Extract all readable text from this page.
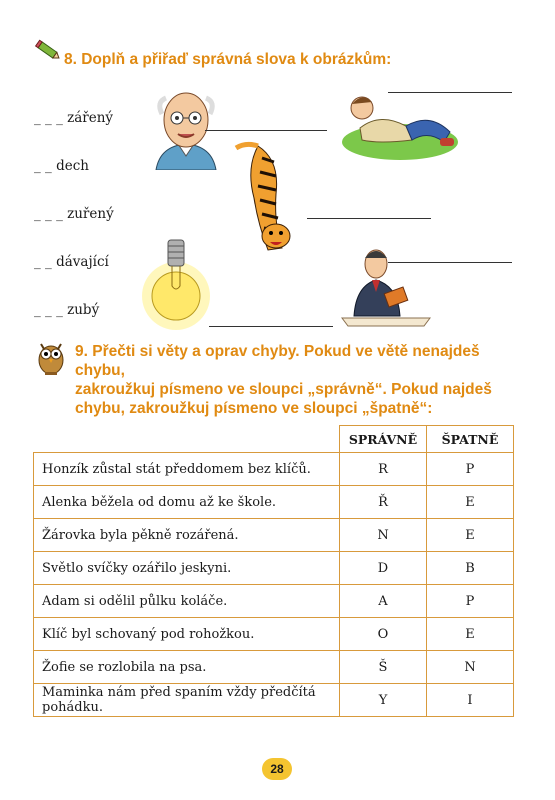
8. Doplň a přiřaď správná slova k obrázkům:
_ _ _ zářený
_ _ dech
_ _ _ zuřený
_ _ dávající
_ _ _ zubý
9. Přečti si věty a oprav chyby. Pokud ve větě nenajdeš chybu,
zakroužkuj písmeno ve sloupci „správně“. Pokud najdeš
chybu, zakroužkuj písmeno ve sloupci „špatně“:
	SPRÁVNĚ	ŠPATNĚ
Honzík zůstal stát předdomem bez klíčů.	R	P
Alenka běžela od domu až ke škole.	Ř	E
Žárovka byla pěkně rozářená.	N	E
Světlo svíčky ozářilo jeskyni.	D	B
Adam si odělil půlku koláče.	A	P
Klíč byl schovaný pod rohožkou.	O	E
Žofie se rozlobila na psa.	Š	N
Maminka nám před spaním vždy předčítá pohádku.	Y	I
28
